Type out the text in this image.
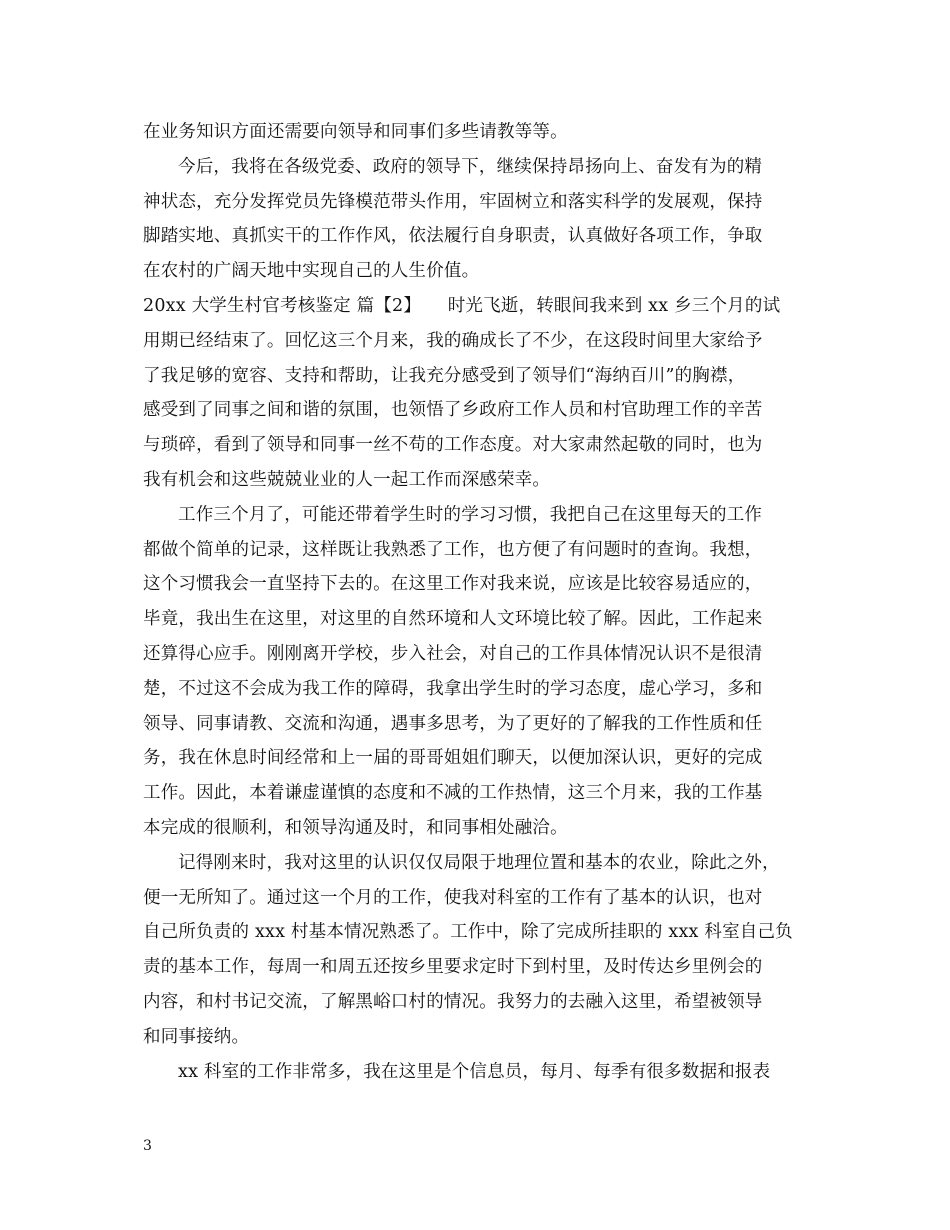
在业务知识方面还需要向领导和同事们多些请教等等。
今后，我将在各级党委、政府的领导下，继续保持昂扬向上、奋发有为的精
神状态，充分发挥党员先锋模范带头作用，牢固树立和落实科学的发展观，保持
脚踏实地、真抓实干的工作作风，依法履行自身职责，认真做好各项工作，争取
在农村的广阔天地中实现自己的人生价值。
20xx 大学生村官考核鉴定 篇【2】　　时光飞逝，转眼间我来到 xx 乡三个月的试
用期已经结束了。回忆这三个月来，我的确成长了不少，在这段时间里大家给予
了我足够的宽容、支持和帮助，让我充分感受到了领导们“海纳百川”的胸襟，
感受到了同事之间和谐的氛围，也领悟了乡政府工作人员和村官助理工作的辛苦
与琐碎，看到了领导和同事一丝不苟的工作态度。对大家肃然起敬的同时，也为
我有机会和这些兢兢业业的人一起工作而深感荣幸。
工作三个月了，可能还带着学生时的学习习惯，我把自己在这里每天的工作
都做个简单的记录，这样既让我熟悉了工作，也方便了有问题时的查询。我想，
这个习惯我会一直坚持下去的。在这里工作对我来说，应该是比较容易适应的，
毕竟，我出生在这里，对这里的自然环境和人文环境比较了解。因此，工作起来
还算得心应手。刚刚离开学校，步入社会，对自己的工作具体情况认识不是很清
楚，不过这不会成为我工作的障碍，我拿出学生时的学习态度，虚心学习，多和
领导、同事请教、交流和沟通，遇事多思考，为了更好的了解我的工作性质和任
务，我在休息时间经常和上一届的哥哥姐姐们聊天，以便加深认识，更好的完成
工作。因此，本着谦虚谨慎的态度和不减的工作热情，这三个月来，我的工作基
本完成的很顺利，和领导沟通及时，和同事相处融洽。
记得刚来时，我对这里的认识仅仅局限于地理位置和基本的农业，除此之外，
便一无所知了。通过这一个月的工作，使我对科室的工作有了基本的认识，也对
自己所负责的 xxx 村基本情况熟悉了。工作中，除了完成所挂职的 xxx 科室自己负
责的基本工作，每周一和周五还按乡里要求定时下到村里，及时传达乡里例会的
内容，和村书记交流，了解黑峪口村的情况。我努力的去融入这里，希望被领导
和同事接纳。
xx 科室的工作非常多，我在这里是个信息员，每月、每季有很多数据和报表
3
